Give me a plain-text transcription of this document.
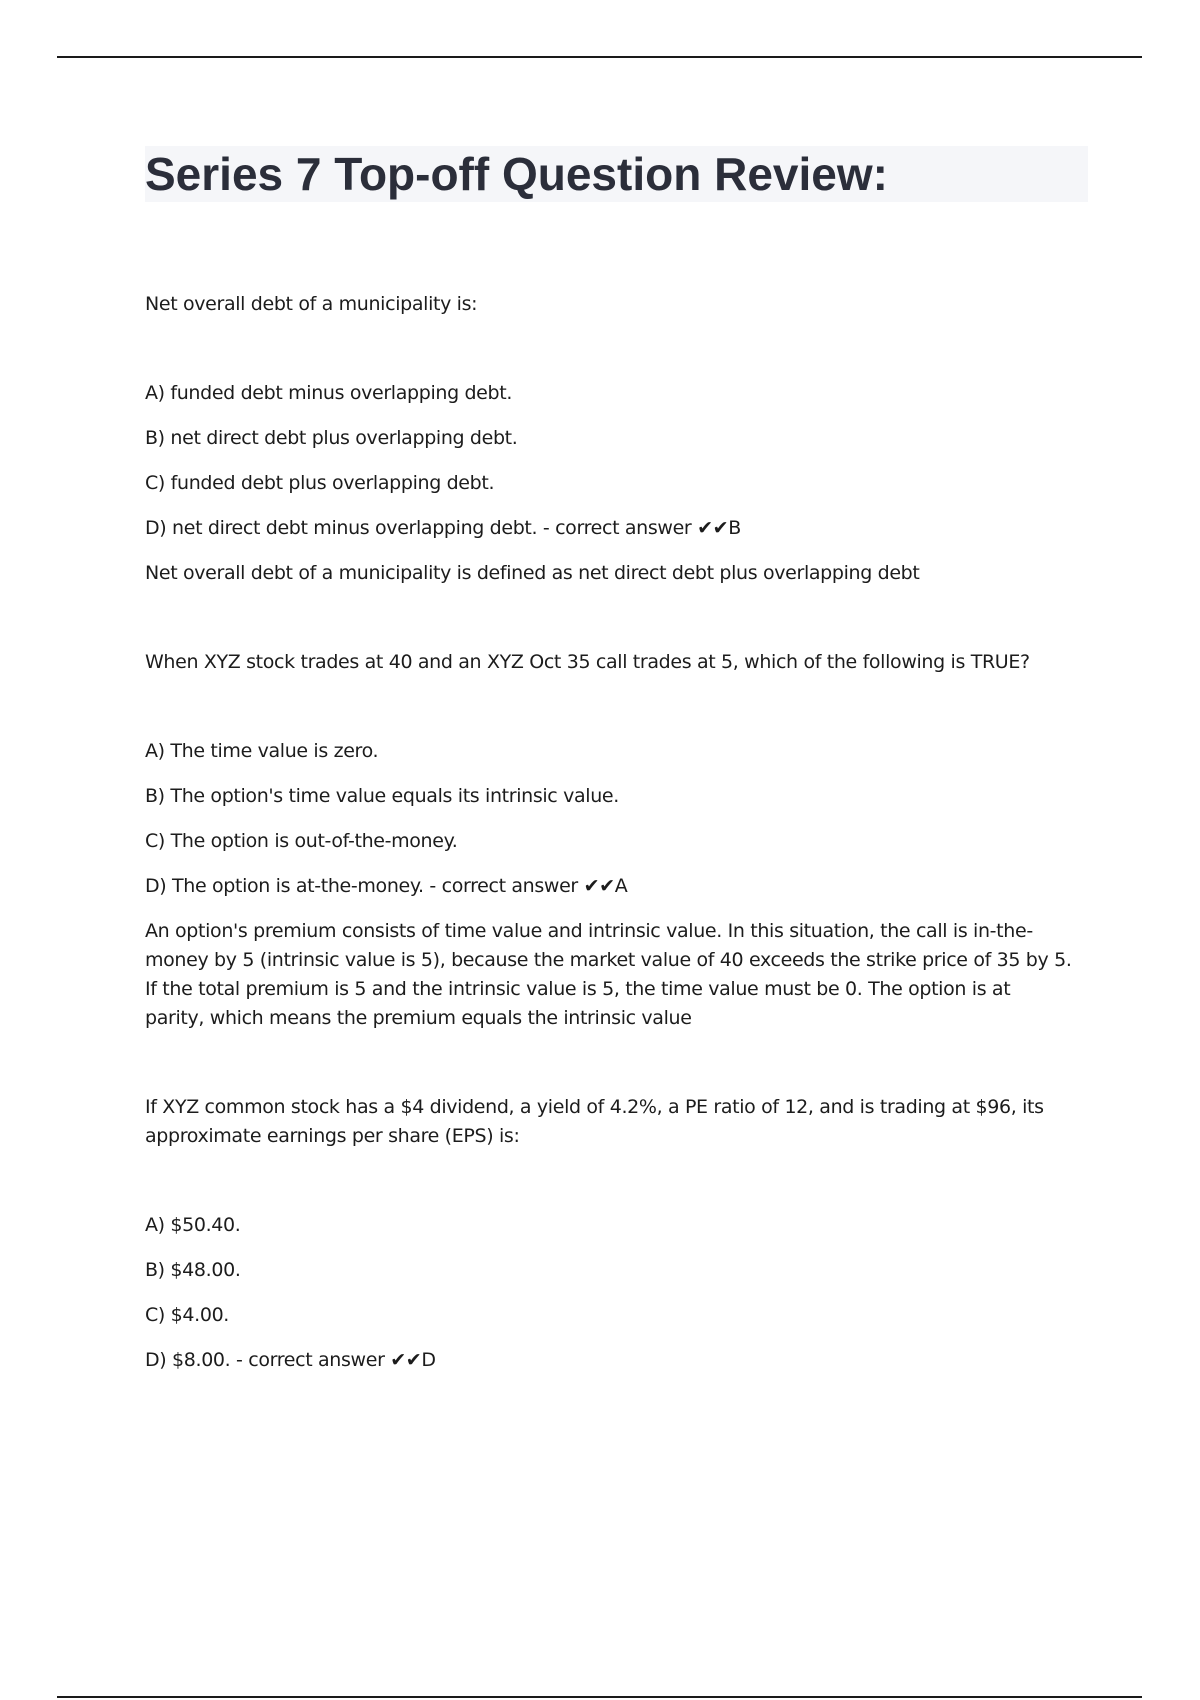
Series 7 Top-off Question Review:

Net overall debt of a municipality is:

A) funded debt minus overlapping debt.
B) net direct debt plus overlapping debt.
C) funded debt plus overlapping debt.
D) net direct debt minus overlapping debt. - correct answer ✔✔B

Net overall debt of a municipality is defined as net direct debt plus overlapping debt

When XYZ stock trades at 40 and an XYZ Oct 35 call trades at 5, which of the following is TRUE?

A) The time value is zero.
B) The option's time value equals its intrinsic value.
C) The option is out-of-the-money.
D) The option is at-the-money. - correct answer ✔✔A

An option's premium consists of time value and intrinsic value. In this situation, the call is in-the-money by 5 (intrinsic value is 5), because the market value of 40 exceeds the strike price of 35 by 5. If the total premium is 5 and the intrinsic value is 5, the time value must be 0. The option is at parity, which means the premium equals the intrinsic value

If XYZ common stock has a $4 dividend, a yield of 4.2%, a PE ratio of 12, and is trading at $96, its approximate earnings per share (EPS) is:

A) $50.40.
B) $48.00.
C) $4.00.
D) $8.00. - correct answer ✔✔D
